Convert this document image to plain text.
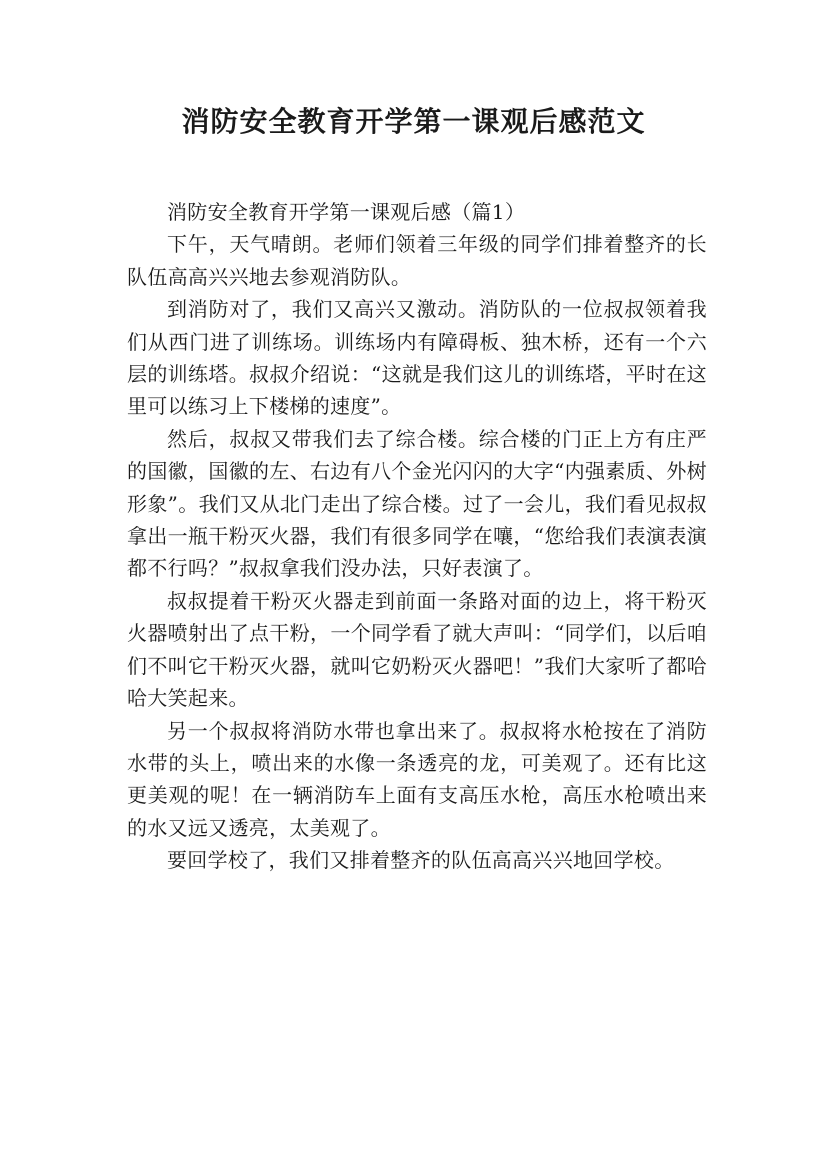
消防安全教育开学第一课观后感范文

消防安全教育开学第一课观后感（篇1）

下午，天气晴朗。老师们领着三年级的同学们排着整齐的长队伍高高兴兴地去参观消防队。

到消防对了，我们又高兴又激动。消防队的一位叔叔领着我们从西门进了训练场。训练场内有障碍板、独木桥，还有一个六层的训练塔。叔叔介绍说：“这就是我们这儿的训练塔，平时在这里可以练习上下楼梯的速度”。

然后，叔叔又带我们去了综合楼。综合楼的门正上方有庄严的国徽，国徽的左、右边有八个金光闪闪的大字“内强素质、外树形象”。我们又从北门走出了综合楼。过了一会儿，我们看见叔叔拿出一瓶干粉灭火器，我们有很多同学在嚷，“您给我们表演表演都不行吗？”叔叔拿我们没办法，只好表演了。

叔叔提着干粉灭火器走到前面一条路对面的边上，将干粉灭火器喷射出了点干粉，一个同学看了就大声叫：“同学们，以后咱们不叫它干粉灭火器，就叫它奶粉灭火器吧！”我们大家听了都哈哈大笑起来。

另一个叔叔将消防水带也拿出来了。叔叔将水枪按在了消防水带的头上，喷出来的水像一条透亮的龙，可美观了。还有比这更美观的呢！在一辆消防车上面有支高压水枪，高压水枪喷出来的水又远又透亮，太美观了。

要回学校了，我们又排着整齐的队伍高高兴兴地回学校。
